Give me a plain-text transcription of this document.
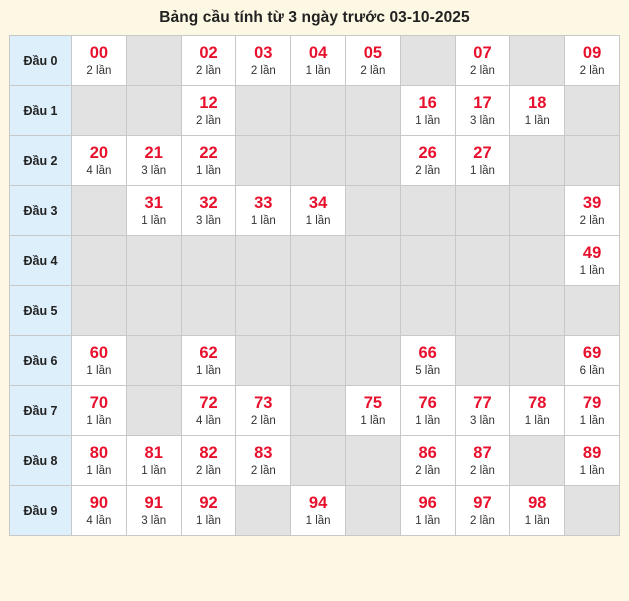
Bảng cầu tính từ 3 ngày trước 03-10-2025
Đầu 0	00
2 lần		02
2 lần	03
2 lần	04
1 lần	05
2 lần		07
2 lần		09
2 lần

Đầu 1			12
2 lần				16
1 lần	17
3 lần	18
1 lần	

Đầu 2	20
4 lần	21
3 lần	22
1 lần				26
2 lần	27
1 lần		

Đầu 3		31
1 lần	32
3 lần	33
1 lần	34
1 lần					39
2 lần

Đầu 4										49
1 lần

Đầu 5										
Đầu 6	60
1 lần		62
1 lần				66
5 lần			69
6 lần

Đầu 7	70
1 lần		72
4 lần	73
2 lần		75
1 lần	76
1 lần	77
3 lần	78
1 lần	79
1 lần

Đầu 8	80
1 lần	81
1 lần	82
2 lần	83
2 lần			86
2 lần	87
2 lần		89
1 lần

Đầu 9	90
4 lần	91
3 lần	92
1 lần		94
1 lần		96
1 lần	97
2 lần	98
1 lần	
